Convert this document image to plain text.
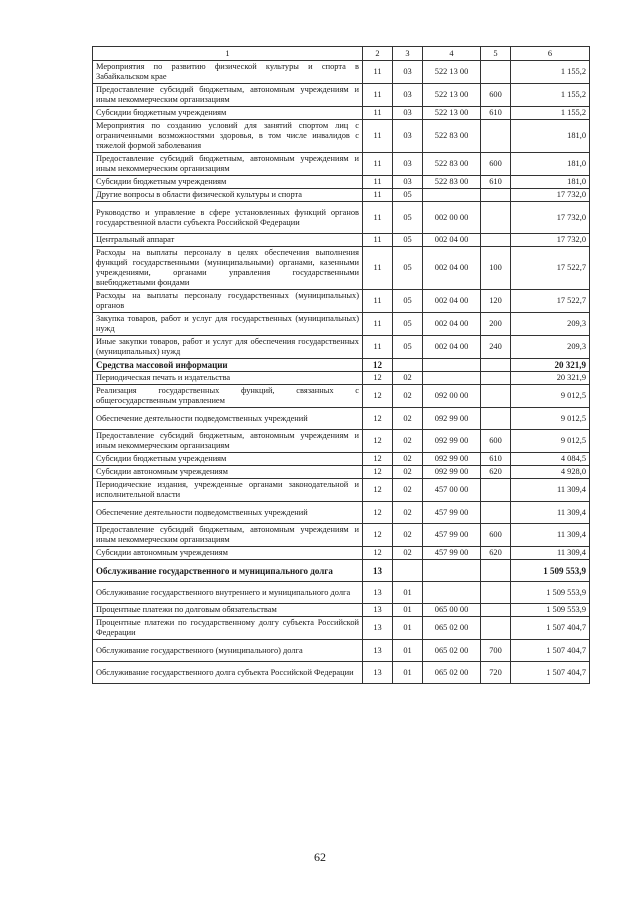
1	2	3	4	5	6
Мероприятия по развитию физической культуры и спорта в Забайкальском крае	11	03	522 13 00		1 155,2
Предоставление субсидий бюджетным, автономным учреждениям и иным некоммерческим организациям	11	03	522 13 00	600	1 155,2
Субсидии бюджетным учреждениям	11	03	522 13 00	610	1 155,2
Мероприятия по созданию условий для занятий спортом лиц с ограниченными возможностями здоровья, в том числе инвалидов с тяжелой формой заболевания	11	03	522 83 00		181,0
Предоставление субсидий бюджетным, автономным учреждениям и иным некоммерческим организациям	11	03	522 83 00	600	181,0
Субсидии бюджетным учреждениям	11	03	522 83 00	610	181,0
Другие вопросы в области физической культуры и спорта	11	05			17 732,0
Руководство и управление в сфере установленных функций органов государственной власти субъекта Российской Федерации	11	05	002 00 00		17 732,0
Центральный аппарат	11	05	002 04 00		17 732,0
Расходы на выплаты персоналу в целях обеспечения выполнения функций государственными (муниципальными) органами, казенными учреждениями, органами управления государственными внебюджетными фондами	11	05	002 04 00	100	17 522,7
Расходы на выплаты персоналу государственных (муниципальных) органов	11	05	002 04 00	120	17 522,7
Закупка товаров, работ и услуг для государственных (муниципальных) нужд	11	05	002 04 00	200	209,3
Иные закупки товаров, работ и услуг для обеспечения государственных (муниципальных) нужд	11	05	002 04 00	240	209,3
Средства массовой информации	12				20 321,9
Периодическая печать и издательства	12	02			20 321,9
Реализация государственных функций, связанных с общегосударственным управлением	12	02	092 00 00		9 012,5
Обеспечение деятельности подведомственных учреждений	12	02	092 99 00		9 012,5
Предоставление субсидий бюджетным, автономным учреждениям и иным некоммерческим организациям	12	02	092 99 00	600	9 012,5
Субсидии бюджетным учреждениям	12	02	092 99 00	610	4 084,5
Субсидии автономным учреждениям	12	02	092 99 00	620	4 928,0
Периодические издания, учрежденные органами законодательной и исполнительной власти	12	02	457 00 00		11 309,4
Обеспечение деятельности подведомственных учреждений	12	02	457 99 00		11 309,4
Предоставление субсидий бюджетным, автономным учреждениям и иным некоммерческим организациям	12	02	457 99 00	600	11 309,4
Субсидии автономным учреждениям	12	02	457 99 00	620	11 309,4
Обслуживание государственного и муниципального долга	13				1 509 553,9
Обслуживание государственного внутреннего и муниципального долга	13	01			1 509 553,9
Процентные платежи по долговым обязательствам	13	01	065 00 00		1 509 553,9
Процентные платежи по государственному долгу субъекта Российской Федерации	13	01	065 02 00		1 507 404,7
Обслуживание государственного (муниципального) долга	13	01	065 02 00	700	1 507 404,7
Обслуживание государственного долга субъекта Российской Федерации	13	01	065 02 00	720	1 507 404,7
62
